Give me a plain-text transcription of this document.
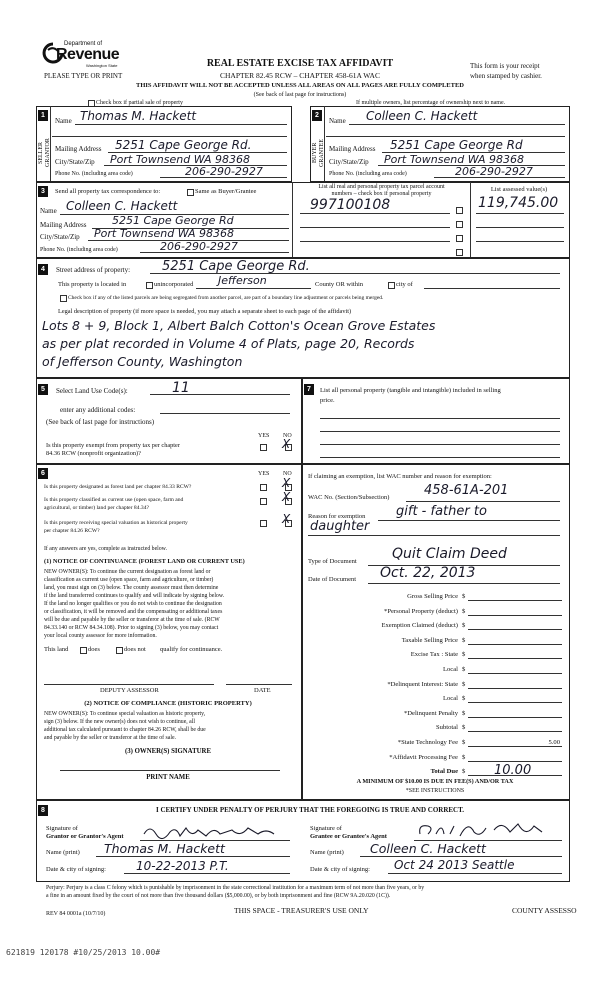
Department of
Revenue
Washington State
PLEASE TYPE OR PRINT
REAL ESTATE EXCISE TAX AFFIDAVIT
CHAPTER 82.45 RCW – CHAPTER 458-61A WAC
This form is your receipt
when stamped by cashier.
THIS AFFIDAVIT WILL NOT BE ACCEPTED UNLESS ALL AREAS ON ALL PAGES ARE FULLY COMPLETED
(See back of last page for instructions)
Check box if partial sale of property	If multiple owners, list percentage of ownership next to name.
1
SELLER GRANTOR
2
BUYER GRANTEE
Name Thomas M. Hackett
Mailing Address 5251 Cape George Rd.
City/State/Zip Port Townsend WA 98368
Phone No. (including area code)	206-290-2927
Name Colleen C. Hackett
Mailing Address 5251 Cape George Rd
City/State/Zip Port Townsend WA 98368
Phone No. (including area code)	206-290-2927
3	Send all property tax correspondence to:	Same as Buyer/Grantee
Name Colleen C. Hackett
Mailing Address 5251 Cape George Rd
City/State/Zip Port Townsend WA 98368
Phone No. (including area code)	206-290-2927
List all real and personal property tax parcel account
numbers – check box if personal property
List assessed value(s)
997100108	119,745.00
4	Street address of property: 5251 Cape George Rd.
This property is located in	unincorporated Jefferson	County OR within	city of
Check box if any of the listed parcels are being segregated from another parcel, are part of a boundary line adjustment or parcels being merged.
Legal description of property (if more space is needed, you may attach a separate sheet to each page of the affidavit)
Lots 8 + 9, Block 1, Albert Balch Cotton's Ocean Grove Estates
as per plat recorded in Volume 4 of Plats, page 20, Records
of Jefferson County, Washington
5	Select Land Use Code(s):	11
enter any additional codes:
(See back of last page for instructions)
YES NO
Is this property exempt from property tax per chapter
84.36 RCW (nonprofit organization)?
X
7	List all personal property (tangible and intangible) included in selling
price.
6	YES NO
Is this property designated as forest land per chapter 84.33 RCW?	X
Is this property classified as current use (open space, farm and
agricultural, or timber) land per chapter 84.34?
X
Is this property receiving special valuation as historical property
per chapter 84.26 RCW?
X
If any answers are yes, complete as instructed below.
(1) NOTICE OF CONTINUANCE (FOREST LAND OR CURRENT USE)
NEW OWNER(S): To continue the current designation as forest land or
classification as current use (open space, farm and agriculture, or timber)
land, you must sign on (3) below. The county assessor must then determine
if the land transferred continues to qualify and will indicate by signing below.
If the land no longer qualifies or you do not wish to continue the designation
or classification, it will be removed and the compensating or additional taxes
will be due and payable by the seller or transferor at the time of sale. (RCW
84.33.140 or RCW 84.34.108). Prior to signing (3) below, you may contact
your local county assessor for more information.
This land	does	does not qualify for continuance.
DEPUTY ASSESSOR	DATE
(2) NOTICE OF COMPLIANCE (HISTORIC PROPERTY)
NEW OWNER(S): To continue special valuation as historic property,
sign (3) below. If the new owner(s) does not wish to continue, all
additional tax calculated pursuant to chapter 84.26 RCW, shall be due
and payable by the seller or transferor at the time of sale.
(3) OWNER(S) SIGNATURE
PRINT NAME
If claiming an exemption, list WAC number and reason for exemption:
WAC No. (Section/Subsection)	458-61A-201
Reason for exemption gift - father to
daughter
Type of Document	Quit Claim Deed
Date of Document Oct. 22, 2013
Gross Selling Price $
*Personal Property (deduct) $
Exemption Claimed (deduct) $
Taxable Selling Price $
Excise Tax : State $
Local $
*Delinquent Interest: State $
Local $
*Delinquent Penalty $
Subtotal $
*State Technology Fee $	5.00
*Affidavit Processing Fee $
Total Due $ 10.00
A MINIMUM OF $10.00 IS DUE IN FEE(S) AND/OR TAX
*SEE INSTRUCTIONS
8	I CERTIFY UNDER PENALTY OF PERJURY THAT THE FOREGOING IS TRUE AND CORRECT.
Signature of
Grantor or Grantor's Agent
Name (print) Thomas M. Hackett
Date & city of signing:	10-22-2013 P.T.
Signature of
Grantee or Grantee's Agent
Name (print) Colleen C. Hackett
Date & city of signing: Oct 24 2013 Seattle
Perjury: Perjury is a class C felony which is punishable by imprisonment in the state correctional institution for a maximum term of not more than five years, or by
a fine in an amount fixed by the court of not more than five thousand dollars ($5,000.00), or by both imprisonment and fine (RCW 9A.20.020 (1C)).
REV 84 0001a (10/7/10)	THIS SPACE - TREASURER'S USE ONLY	COUNTY ASSESSO
621819 120178 #10/25/2013 10.00#
